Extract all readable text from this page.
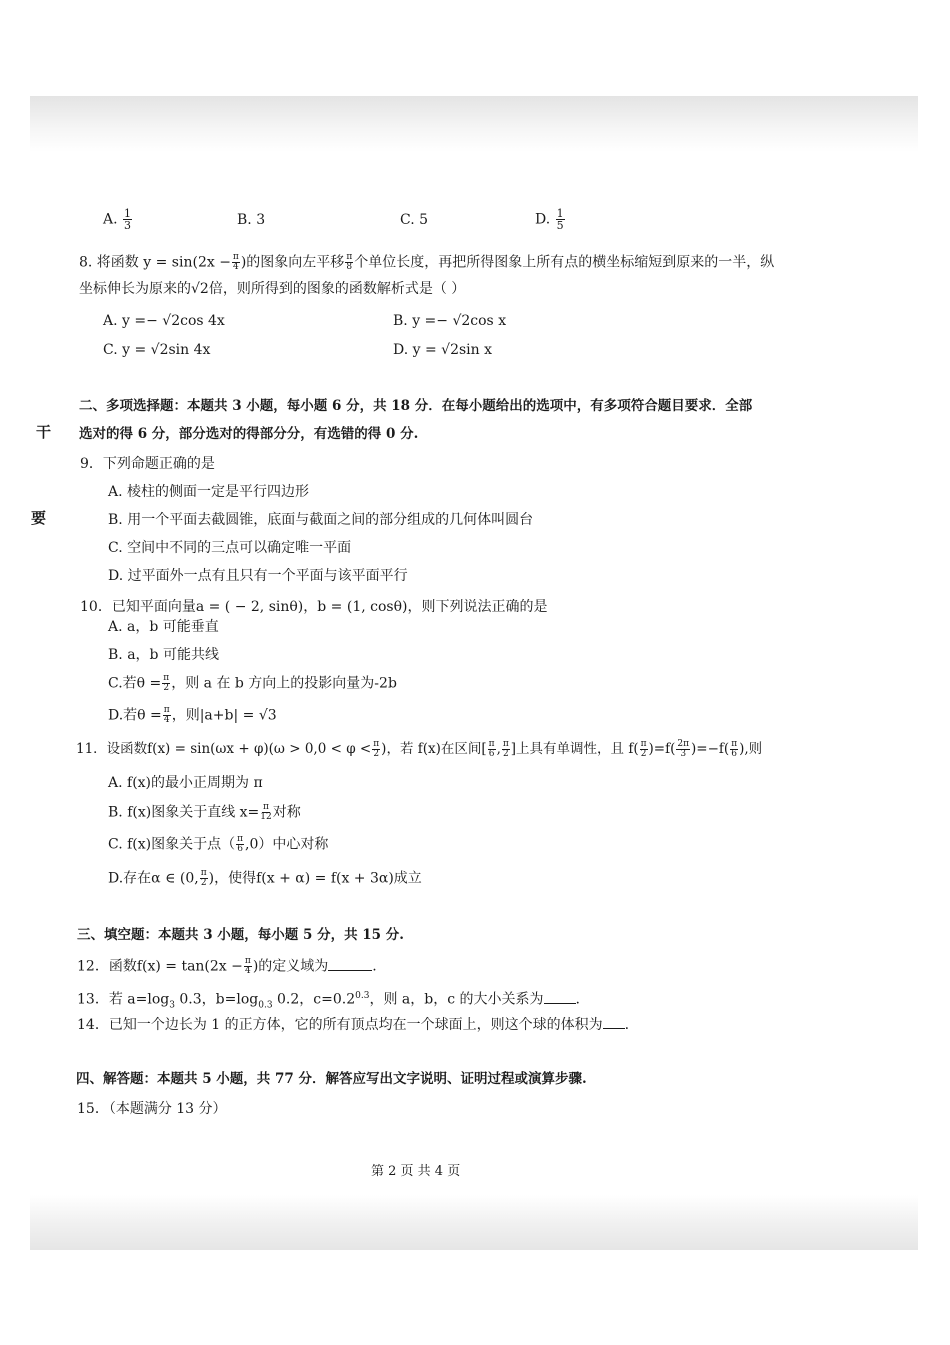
A. $\frac{1}{3}$	B. 3	C. 5	D. $\frac{1}{5}$
8. 将函数 $y = \sin(2x - \frac{\pi}{4}$ )的图象向左平移 $\frac{\pi}{8}$ 个单位长度，再把所得图象上所有点的横坐标缩短到原来的一半，纵
坐标伸长为原来的√2倍，则所得到的图象的函数解析式是（ ）
A. y =− √2cos 4x	B. y =− √2cos x
C. y = √2sin 4x	D. y = √2sin x
二、多项选择题：本题共 3 小题，每小题 6 分，共 18 分．在每小题给出的选项中，有多项符合题目要求．全部
选对的得 6 分，部分选对的得部分分，有选错的得 0 分.
干
要
9．下列命题正确的是
A. 棱柱的侧面一定是平行四边形
B. 用一个平面去截圆锥，底面与截面之间的部分组成的几何体叫圆台
C. 空间中不同的三点可以确定唯一平面
D. 过平面外一点有且只有一个平面与该平面平行
10．已知平面向量a = ( − 2, sinθ)，b = (1, cosθ)，则下列说法正确的是
A. a，b 可能垂直
B. a，b 可能共线
C.若$\theta = \frac{\pi}{2}$ ，则 a 在 b 方向上的投影向量为-2b
D.若$\theta = \frac{\pi}{4}$ ，则|a+b| = √3
11．设函数$f(x) = \sin(\omega x + \varphi)(\omega > 0,0 < \varphi < \frac{\pi}{2}$ )，若 f(x)在区间[ $\frac{\pi}{6}$ , $\frac{\pi}{2}$ ]上具有单调性，且 $f( \frac{\pi}{2} )=f( \frac{2\pi}{3} )=-f( \frac{\pi}{6}$ ),则
A. f(x)的最小正周期为 π
B. f(x)图象关于直线 $x= \frac{\pi}{12}$ 对称
C. f(x)图象关于点（ $\frac{\pi}{6} ,0$）中心对称
D.存在α ∈ (0, $\frac{\pi}{2}$ )，使得f(x + α) = f(x + 3α)成立
三、填空题：本题共 3 小题，每小题 5 分，共 15 分.
12．函数$f(x) = \tan(2x - \frac{\pi}{4}$ )的定义域为	.
13．若 $a=\log_3$ 0.3，$b=\log_{0.3}$ 0.2，$c=0.2^{0.3}$，则 a，b，c 的大小关系为 .
14．已知一个边长为 1 的正方体，它的所有顶点均在一个球面上，则这个球的体积为 .
四、解答题：本题共 5 小题，共 77 分．解答应写出文字说明、证明过程或演算步骤.
15．（本题满分 13 分）
第 2 页 共 4 页
